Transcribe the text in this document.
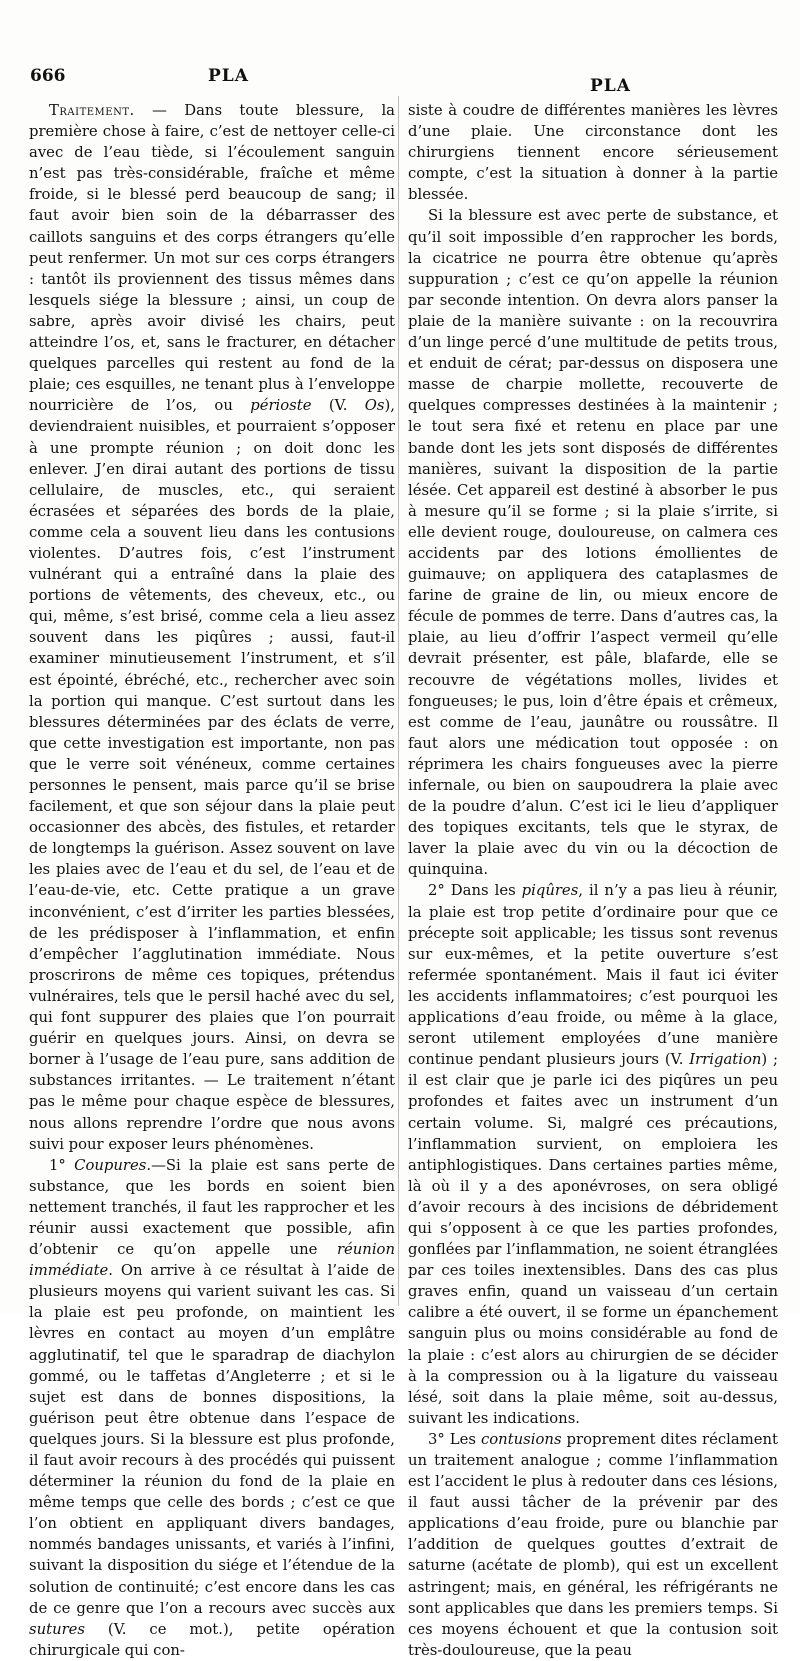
666	PLA	PLA

Traitement. — Dans toute blessure, la première chose à faire, c’est de nettoyer celle-ci avec de l’eau tiède, si l’écoulement sanguin n’est pas très-considérable, fraîche et même froide, si le blessé perd beaucoup de sang; il faut avoir bien soin de la débarrasser des caillots sanguins et des corps étrangers qu’elle peut renfermer. Un mot sur ces corps étrangers : tantôt ils proviennent des tissus mêmes dans lesquels siége la blessure ; ainsi, un coup de sabre, après avoir divisé les chairs, peut atteindre l’os, et, sans le fracturer, en détacher quelques parcelles qui restent au fond de la plaie; ces esquilles, ne tenant plus à l’enveloppe nourricière de l’os, ou périoste (V. Os), deviendraient nuisibles, et pourraient s’opposer à une prompte réunion ; on doit donc les enlever. J’en dirai autant des portions de tissu cellulaire, de muscles, etc., qui seraient écrasées et séparées des bords de la plaie, comme cela a souvent lieu dans les contusions violentes. D’autres fois, c’est l’instrument vulnérant qui a entraîné dans la plaie des portions de vêtements, des cheveux, etc., ou qui, même, s’est brisé, comme cela a lieu assez souvent dans les piqûres ; aussi, faut-il examiner minutieusement l’instrument, et s’il est épointé, ébréché, etc., rechercher avec soin la portion qui manque. C’est surtout dans les blessures déterminées par des éclats de verre, que cette investigation est importante, non pas que le verre soit vénéneux, comme certaines personnes le pensent, mais parce qu’il se brise facilement, et que son séjour dans la plaie peut occasionner des abcès, des fistules, et retarder de longtemps la guérison. Assez souvent on lave les plaies avec de l’eau et du sel, de l’eau et de l’eau-de-vie, etc. Cette pratique a un grave inconvénient, c’est d’irriter les parties blessées, de les prédisposer à l’inflammation, et enfin d’empêcher l’agglutination immédiate. Nous proscrirons de même ces topiques, prétendus vulnéraires, tels que le persil haché avec du sel, qui font suppurer des plaies que l’on pourrait guérir en quelques jours. Ainsi, on devra se borner à l’usage de l’eau pure, sans addition de substances irritantes. — Le traitement n’étant pas le même pour chaque espèce de blessures, nous allons reprendre l’ordre que nous avons suivi pour exposer leurs phénomènes.

1° Coupures.—Si la plaie est sans perte de substance, que les bords en soient bien nettement tranchés, il faut les rapprocher et les réunir aussi exactement que possible, afin d’obtenir ce qu’on appelle une réunion immédiate. On arrive à ce résultat à l’aide de plusieurs moyens qui varient suivant les cas. Si la plaie est peu profonde, on maintient les lèvres en contact au moyen d’un emplâtre agglutinatif, tel que le sparadrap de diachylon gommé, ou le taffetas d’Angleterre ; et si le sujet est dans de bonnes dispositions, la guérison peut être obtenue dans l’espace de quelques jours. Si la blessure est plus profonde, il faut avoir recours à des procédés qui puissent déterminer la réunion du fond de la plaie en même temps que celle des bords ; c’est ce que l’on obtient en appliquant divers bandages, nommés bandages unissants, et variés à l’infini, suivant la disposition du siége et l’étendue de la solution de continuité; c’est encore dans les cas de ce genre que l’on a recours avec succès aux sutures (V. ce mot.), petite opération chirurgicale qui con-

siste à coudre de différentes manières les lèvres d’une plaie. Une circonstance dont les chirurgiens tiennent encore sérieusement compte, c’est la situation à donner à la partie blessée.

Si la blessure est avec perte de substance, et qu’il soit impossible d’en rapprocher les bords, la cicatrice ne pourra être obtenue qu’après suppuration ; c’est ce qu’on appelle la réunion par seconde intention. On devra alors panser la plaie de la manière suivante : on la recouvrira d’un linge percé d’une multitude de petits trous, et enduit de cérat; par-dessus on disposera une masse de charpie mollette, recouverte de quelques compresses destinées à la maintenir ; le tout sera fixé et retenu en place par une bande dont les jets sont disposés de différentes manières, suivant la disposition de la partie lésée. Cet appareil est destiné à absorber le pus à mesure qu’il se forme ; si la plaie s’irrite, si elle devient rouge, douloureuse, on calmera ces accidents par des lotions émollientes de guimauve; on appliquera des cataplasmes de farine de graine de lin, ou mieux encore de fécule de pommes de terre. Dans d’autres cas, la plaie, au lieu d’offrir l’aspect vermeil qu’elle devrait présenter, est pâle, blafarde, elle se recouvre de végétations molles, livides et fongueuses; le pus, loin d’être épais et crêmeux, est comme de l’eau, jaunâtre ou roussâtre. Il faut alors une médication tout opposée : on réprimera les chairs fongueuses avec la pierre infernale, ou bien on saupoudrera la plaie avec de la poudre d’alun. C’est ici le lieu d’appliquer des topiques excitants, tels que le styrax, de laver la plaie avec du vin ou la décoction de quinquina.

2° Dans les piqûres, il n’y a pas lieu à réunir, la plaie est trop petite d’ordinaire pour que ce précepte soit applicable; les tissus sont revenus sur eux-mêmes, et la petite ouverture s’est refermée spontanément. Mais il faut ici éviter les accidents inflammatoires; c’est pourquoi les applications d’eau froide, ou même à la glace, seront utilement employées d’une manière continue pendant plusieurs jours (V. Irrigation) ; il est clair que je parle ici des piqûres un peu profondes et faites avec un instrument d’un certain volume. Si, malgré ces précautions, l’inflammation survient, on emploiera les antiphlogistiques. Dans certaines parties même, là où il y a des aponévroses, on sera obligé d’avoir recours à des incisions de débridement qui s’opposent à ce que les parties profondes, gonflées par l’inflammation, ne soient étranglées par ces toiles inextensibles. Dans des cas plus graves enfin, quand un vaisseau d’un certain calibre a été ouvert, il se forme un épanchement sanguin plus ou moins considérable au fond de la plaie : c’est alors au chirurgien de se décider à la compression ou à la ligature du vaisseau lésé, soit dans la plaie même, soit au-dessus, suivant les indications.

3° Les contusions proprement dites réclament un traitement analogue ; comme l’inflammation est l’accident le plus à redouter dans ces lésions, il faut aussi tâcher de la prévenir par des applications d’eau froide, pure ou blanchie par l’addition de quelques gouttes d’extrait de saturne (acétate de plomb), qui est un excellent astringent; mais, en général, les réfrigérants ne sont applicables que dans les premiers temps. Si ces moyens échouent et que la contusion soit très-douloureuse, que la peau
